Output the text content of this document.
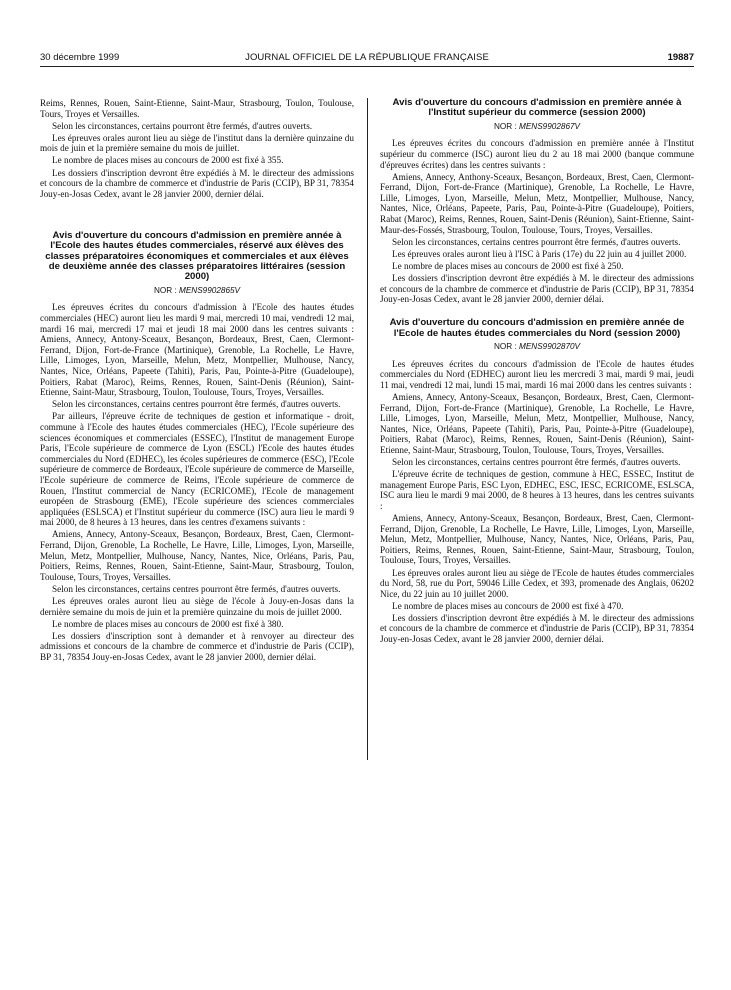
30 décembre 1999	JOURNAL OFFICIEL DE LA RÉPUBLIQUE FRANÇAISE	19887

Reims, Rennes, Rouen, Saint-Etienne, Saint-Maur, Strasbourg, Toulon, Toulouse, Tours, Troyes et Versailles.

Selon les circonstances, certains pourront être fermés, d'autres ouverts.

Les épreuves orales auront lieu au siège de l'institut dans la dernière quinzaine du mois de juin et la première semaine du mois de juillet.

Le nombre de places mises au concours de 2000 est fixé à 355.

Les dossiers d'inscription devront être expédiés à M. le directeur des admissions et concours de la chambre de commerce et d'industrie de Paris (CCIP), BP 31, 78354 Jouy-en-Josas Cedex, avant le 28 janvier 2000, dernier délai.

Avis d'ouverture du concours d'admission en première année à l'Ecole des hautes études commerciales, réservé aux élèves des classes préparatoires économiques et commerciales et aux élèves de deuxième année des classes préparatoires littéraires (session 2000)
NOR : MENS9902865V

Les épreuves écrites du concours d'admission à l'Ecole des hautes études commerciales (HEC) auront lieu les mardi 9 mai, mercredi 10 mai, vendredi 12 mai, mardi 16 mai, mercredi 17 mai et jeudi 18 mai 2000 dans les centres suivants : Amiens, Annecy, Antony-Sceaux, Besançon, Bordeaux, Brest, Caen, Clermont-Ferrand, Dijon, Fort-de-France (Martinique), Grenoble, La Rochelle, Le Havre, Lille, Limoges, Lyon, Marseille, Melun, Metz, Montpellier, Mulhouse, Nancy, Nantes, Nice, Orléans, Papeete (Tahiti), Paris, Pau, Pointe-à-Pitre (Guadeloupe), Poitiers, Rabat (Maroc), Reims, Rennes, Rouen, Saint-Denis (Réunion), Saint-Etienne, Saint-Maur, Strasbourg, Toulon, Toulouse, Tours, Troyes, Versailles.

Selon les circonstances, certains centres pourront être fermés, d'autres ouverts.

Par ailleurs, l'épreuve écrite de techniques de gestion et informatique - droit, commune à l'Ecole des hautes études commerciales (HEC), l'Ecole supérieure des sciences économiques et commerciales (ESSEC), l'Institut de management Europe Paris, l'Ecole supérieure de commerce de Lyon (ESCL) l'Ecole des hautes études commerciales du Nord (EDHEC), les écoles supérieures de commerce (ESC), l'Ecole supérieure de commerce de Bordeaux, l'Ecole supérieure de commerce de Marseille, l'Ecole supérieure de commerce de Reims, l'Ecole supérieure de commerce de Rouen, l'Institut commercial de Nancy (ECRICOME), l'Ecole de management européen de Strasbourg (EME), l'Ecole supérieure des sciences commerciales appliquées (ESLSCA) et l'Institut supérieur du commerce (ISC) aura lieu le mardi 9 mai 2000, de 8 heures à 13 heures, dans les centres d'examens suivants :

Amiens, Annecy, Antony-Sceaux, Besançon, Bordeaux, Brest, Caen, Clermont-Ferrand, Dijon, Grenoble, La Rochelle, Le Havre, Lille, Limoges, Lyon, Marseille, Melun, Metz, Montpellier, Mulhouse, Nancy, Nantes, Nice, Orléans, Paris, Pau, Poitiers, Reims, Rennes, Rouen, Saint-Etienne, Saint-Maur, Strasbourg, Toulon, Toulouse, Tours, Troyes, Versailles.

Selon les circonstances, certains centres pourront être fermés, d'autres ouverts.

Les épreuves orales auront lieu au siège de l'école à Jouy-en-Josas dans la dernière semaine du mois de juin et la première quinzaine du mois de juillet 2000.

Le nombre de places mises au concours de 2000 est fixé à 380.

Les dossiers d'inscription sont à demander et à renvoyer au directeur des admissions et concours de la chambre de commerce et d'industrie de Paris (CCIP), BP 31, 78354 Jouy-en-Josas Cedex, avant le 28 janvier 2000, dernier délai.

Avis d'ouverture du concours d'admission en première année à l'Institut supérieur du commerce (session 2000)
NOR : MENS9902867V

Les épreuves écrites du concours d'admission en première année à l'Institut supérieur du commerce (ISC) auront lieu du 2 au 18 mai 2000 (banque commune d'épreuves écrites) dans les centres suivants :

Amiens, Annecy, Anthony-Sceaux, Besançon, Bordeaux, Brest, Caen, Clermont-Ferrand, Dijon, Fort-de-France (Martinique), Grenoble, La Rochelle, Le Havre, Lille, Limoges, Lyon, Marseille, Melun, Metz, Montpellier, Mulhouse, Nancy, Nantes, Nice, Orléans, Papeete, Paris, Pau, Pointe-à-Pitre (Guadeloupe), Poitiers, Rabat (Maroc), Reims, Rennes, Rouen, Saint-Denis (Réunion), Saint-Etienne, Saint-Maur-des-Fossés, Strasbourg, Toulon, Toulouse, Tours, Troyes, Versailles.

Selon les circonstances, certains centres pourront être fermés, d'autres ouverts.

Les épreuves orales auront lieu à l'ISC à Paris (17e) du 22 juin au 4 juillet 2000.

Le nombre de places mises au concours de 2000 est fixé à 250.

Les dossiers d'inscription devront être expédiés à M. le directeur des admissions et concours de la chambre de commerce et d'industrie de Paris (CCIP), BP 31, 78354 Jouy-en-Josas Cedex, avant le 28 janvier 2000, dernier délai.

Avis d'ouverture du concours d'admission en première année de l'Ecole de hautes études commerciales du Nord (session 2000)
NOR : MENS9902870V

Les épreuves écrites du concours d'admission de l'Ecole de hautes études commerciales du Nord (EDHEC) auront lieu les mercredi 3 mai, mardi 9 mai, jeudi 11 mai, vendredi 12 mai, lundi 15 mai, mardi 16 mai 2000 dans les centres suivants :

Amiens, Annecy, Antony-Sceaux, Besançon, Bordeaux, Brest, Caen, Clermont-Ferrand, Dijon, Fort-de-France (Martinique), Grenoble, La Rochelle, Le Havre, Lille, Limoges, Lyon, Marseille, Melun, Metz, Montpellier, Mulhouse, Nancy, Nantes, Nice, Orléans, Papeete (Tahiti), Paris, Pau, Pointe-à-Pitre (Guadeloupe), Poitiers, Rabat (Maroc), Reims, Rennes, Rouen, Saint-Denis (Réunion), Saint-Etienne, Saint-Maur, Strasbourg, Toulon, Toulouse, Tours, Troyes, Versailles.

Selon les circonstances, certains centres pourront être fermés, d'autres ouverts.

L'épreuve écrite de techniques de gestion, commune à HEC, ESSEC, Institut de management Europe Paris, ESC Lyon, EDHEC, ESC, IESC, ECRICOME, ESLSCA, ISC aura lieu le mardi 9 mai 2000, de 8 heures à 13 heures, dans les centres suivants :

Amiens, Annecy, Antony-Sceaux, Besançon, Bordeaux, Brest, Caen, Clermont-Ferrand, Dijon, Grenoble, La Rochelle, Le Havre, Lille, Limoges, Lyon, Marseille, Melun, Metz, Montpellier, Mulhouse, Nancy, Nantes, Nice, Orléans, Paris, Pau, Poitiers, Reims, Rennes, Rouen, Saint-Etienne, Saint-Maur, Strasbourg, Toulon, Toulouse, Tours, Troyes, Versailles.

Les épreuves orales auront lieu au siège de l'Ecole de hautes études commerciales du Nord, 58, rue du Port, 59046 Lille Cedex, et 393, promenade des Anglais, 06202 Nice, du 22 juin au 10 juillet 2000.

Le nombre de places mises au concours de 2000 est fixé à 470.

Les dossiers d'inscription devront être expédiés à M. le directeur des admissions et concours de la chambre de commerce et d'industrie de Paris (CCIP), BP 31, 78354 Jouy-en-Josas Cedex, avant le 28 janvier 2000, dernier délai.
